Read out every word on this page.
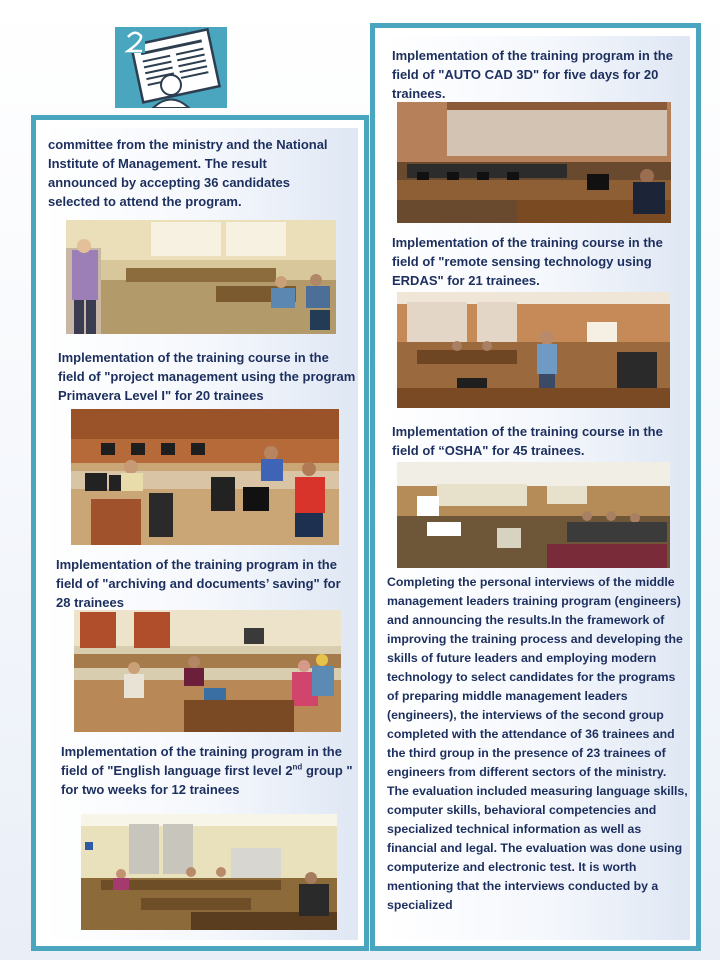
committee from the ministry and the National Institute of Management. The result announced by accepting 36 candidates selected to attend the program.

Implementation of the training course in the field of "project management using the program Primavera Level I" for 20 trainees

Implementation of the training program in the field of "archiving and documents’ saving" for 28 trainees

Implementation of the training program in the field of "English language first level 2nd group " for two weeks for 12 trainees

Implementation of the training program in the field of "AUTO CAD 3D" for five days for 20 trainees.

Implementation of the training course in the field of "remote sensing technology using ERDAS" for 21 trainees.

Implementation of the training course in the field of “OSHA" for 45 trainees.

Completing the personal interviews of the middle management leaders training program (engineers) and announcing the results.In the framework of improving the training process and developing the skills of future leaders and employing modern technology to select candidates for the programs of preparing middle management leaders (engineers), the interviews of the second group completed with the attendance of 36 trainees and the third group in the presence of 23 trainees of engineers from different sectors of the ministry. The evaluation included measuring language skills, computer skills, behavioral competencies and specialized technical information as well as financial and legal. The evaluation was done using computerize and electronic test. It is worth mentioning that the interviews conducted by a specialized
